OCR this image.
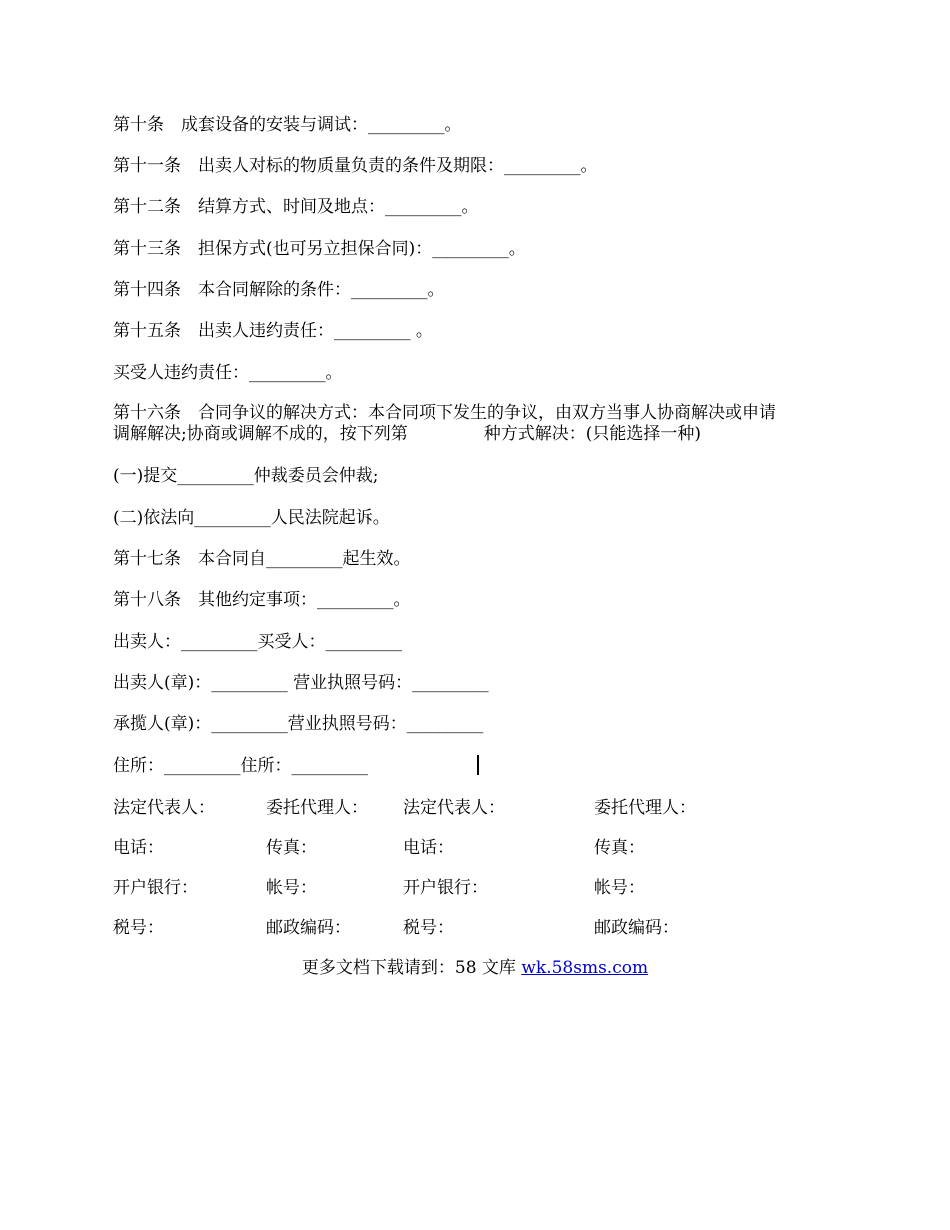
第十条　成套设备的安装与调试：_________。
第十一条　出卖人对标的物质量负责的条件及期限：_________。
第十二条　结算方式、时间及地点：_________。
第十三条　担保方式(也可另立担保合同)：_________。
第十四条　本合同解除的条件：_________。
第十五条　出卖人违约责任：_________ 。
买受人违约责任：_________。
第十六条　合同争议的解决方式：本合同项下发生的争议，由双方当事人协商解决或申请
调解解决;协商或调解不成的，按下列第	种方式解决：(只能选择一种)
(一)提交_________仲裁委员会仲裁;
(二)依法向_________人民法院起诉。
第十七条　本合同自_________起生效。
第十八条　其他约定事项：_________。
出卖人：_________买受人：_________
出卖人(章)：_________ 营业执照号码：_________
承揽人(章)：_________营业执照号码：_________
住所：_________住所：_________
法定代表人：	委托代理人： 法定代表人：	委托代理人：
电话：	传真：	电话：	传真：
开户银行：	帐号：	开户银行：	帐号：
税号：	邮政编码：	税号：	邮政编码：
更多文档下载请到：58 文库 wk.58sms.com
